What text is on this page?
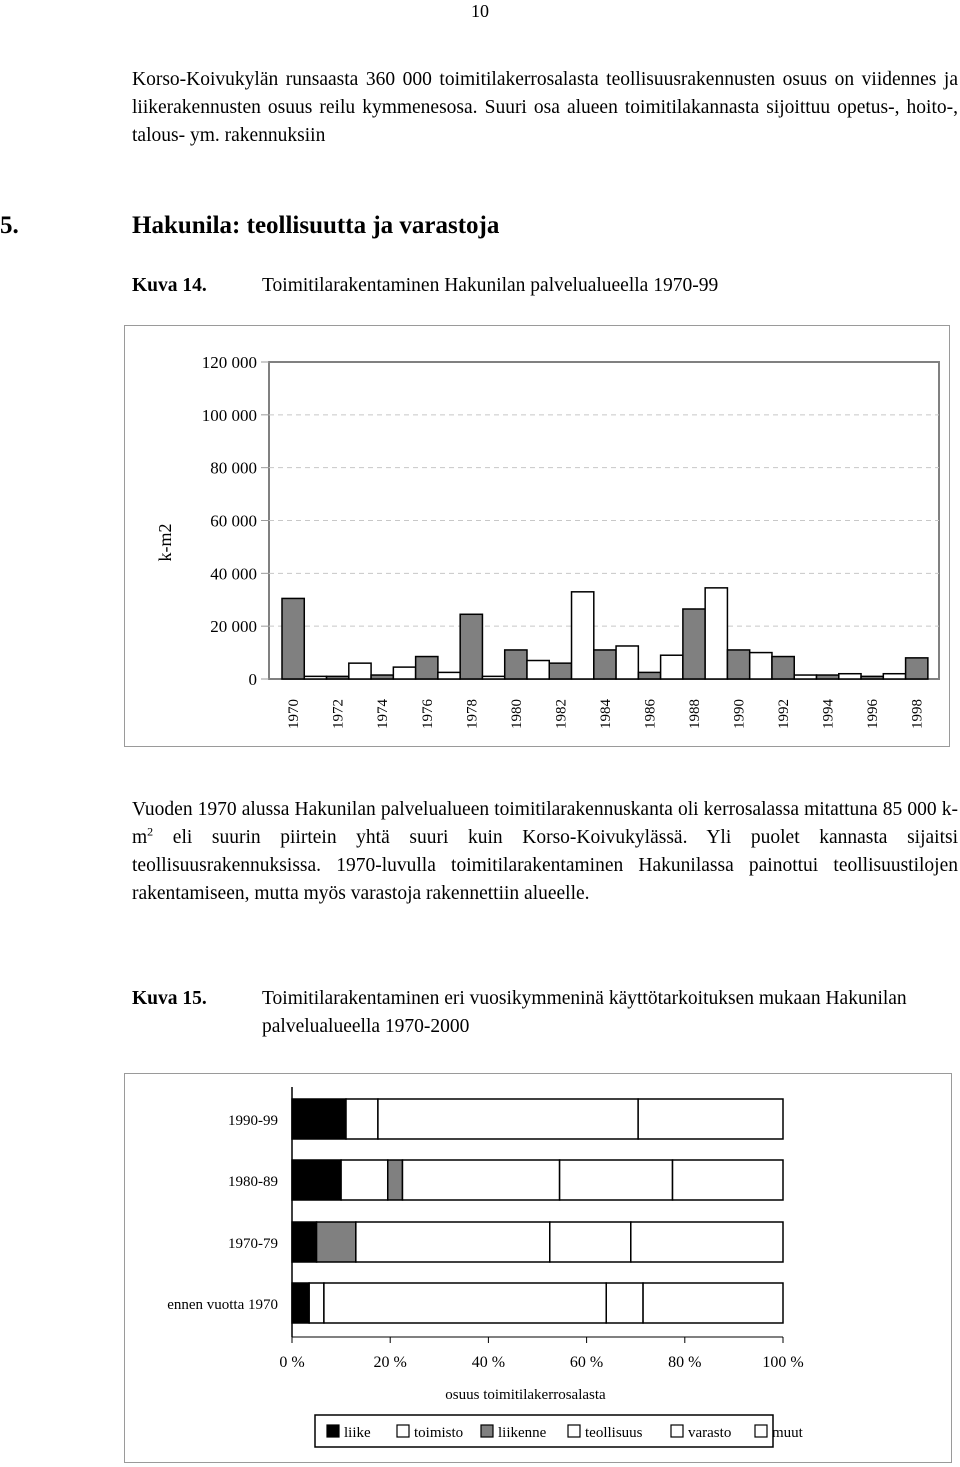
10

Korso-Koivukylän runsaasta 360 000 toimitilakerrosalasta teollisuusrakennusten osuus on viidennes ja liikerakennusten osuus reilu kymmenesosa. Suuri osa alueen toimitilakannasta sijoittuu opetus-, hoito-, talous- ym. rakennuksiin

5.	Hakunila: teollisuutta ja varastoja
Kuva 14.	Toimitilarakentaminen Hakunilan palvelualueella 1970-99
0
20 000
40 000
60 000
80 000
100 000
120 000
k-m2
1970 1972 1974 1976 1978 1980 1982 1984 1986 1988 1990 1992 1994 1996 1998

Vuoden 1970 alussa Hakunilan palvelualueen toimitilarakennuskanta oli kerrosalassa mitattuna 85 000 $k-m^2$ eli suurin piirtein yhtä suuri kuin Korso-Koivukylässä. Yli puolet kannasta sijaitsi teollisuusrakennuksissa. 1970-luvulla toimitilarakentaminen Hakunilassa painottui teollisuustilojen rakentamiseen, mutta myös varastoja rakennettiin alueelle.

Kuva 15.	Toimitilarakentaminen eri vuosikymmeninä käyttötarkoituksen mukaan Hakunilan palvelualueella 1970-2000
0 %	20 %	40 %	60 %	80 %	100 %
osuus toimitilakerrosalasta
1990-99
1980-89
1970-79
ennen vuotta 1970
liike	toimisto liikenne	teollisuus	varasto	muut
